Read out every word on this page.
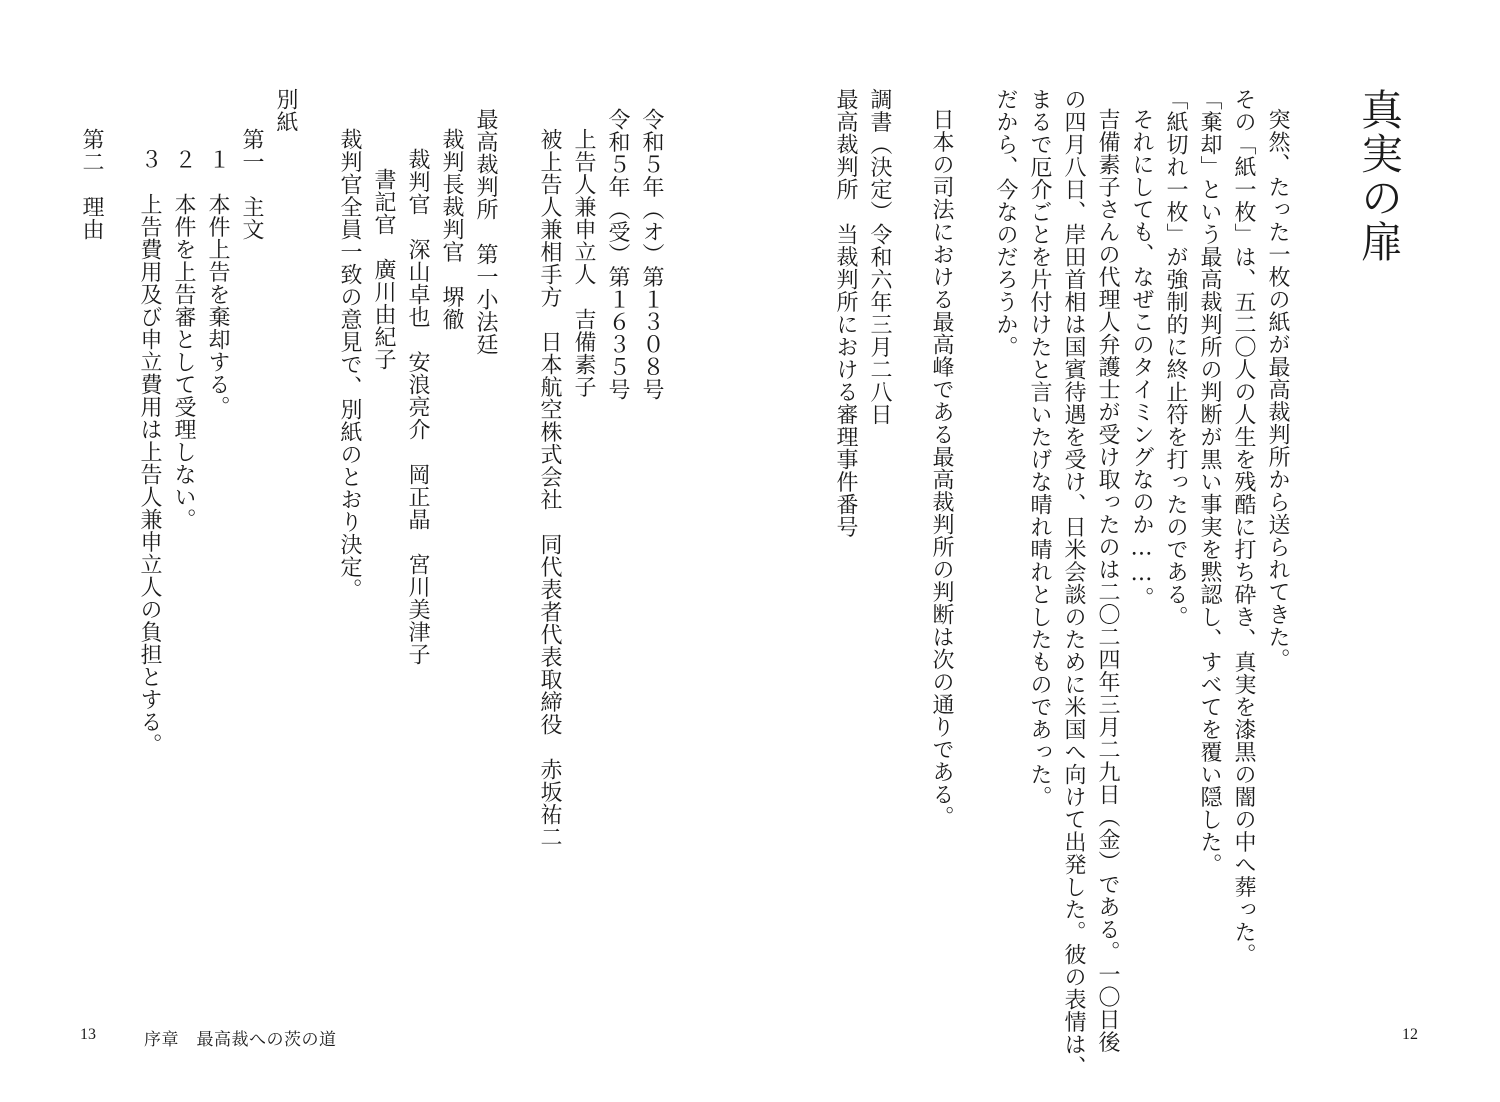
真実の扉
突然、たった一枚の紙が最高裁判所から送られてきた。
その「紙一枚」は、五二〇人の人生を残酷に打ち砕き、真実を漆黒の闇の中へ葬った。
「棄却」という最高裁判所の判断が黒い事実を黙認し、すべてを覆い隠した。
「紙切れ一枚」が強制的に終止符を打ったのである。
それにしても、なぜこのタイミングなのか……。
吉備素子さんの代理人弁護士が受け取ったのは二〇二四年三月二九日（金）である。一〇日後
の四月八日、岸田首相は国賓待遇を受け、日米会談のために米国へ向けて出発した。彼の表情は、
まるで厄介ごとを片付けたと言いたげな晴れ晴れとしたものであった。
だから、今なのだろうか。
日本の司法における最高峰である最高裁判所の判断は次の通りである。
調書（決定）令和六年三月二八日
最高裁判所　当裁判所における審理事件番号
12
令和５年（オ）第１３０８号
令和５年（受）第１６３５号
上告人兼申立人　吉備素子
被上告人兼相手方　日本航空株式会社　同代表者代表取締役　赤坂祐二
最高裁判所　第一小法廷
裁判長裁判官　堺徹
裁判官　深山卓也　安浪亮介　岡正晶　宮川美津子
書記官　廣川由紀子
裁判官全員一致の意見で、別紙のとおり決定。
別紙
第一　主文
１　本件上告を棄却する。
２　本件を上告審として受理しない。
３　上告費用及び申立費用は上告人兼申立人の負担とする。
第二　理由
13	序章　最高裁への茨の道
